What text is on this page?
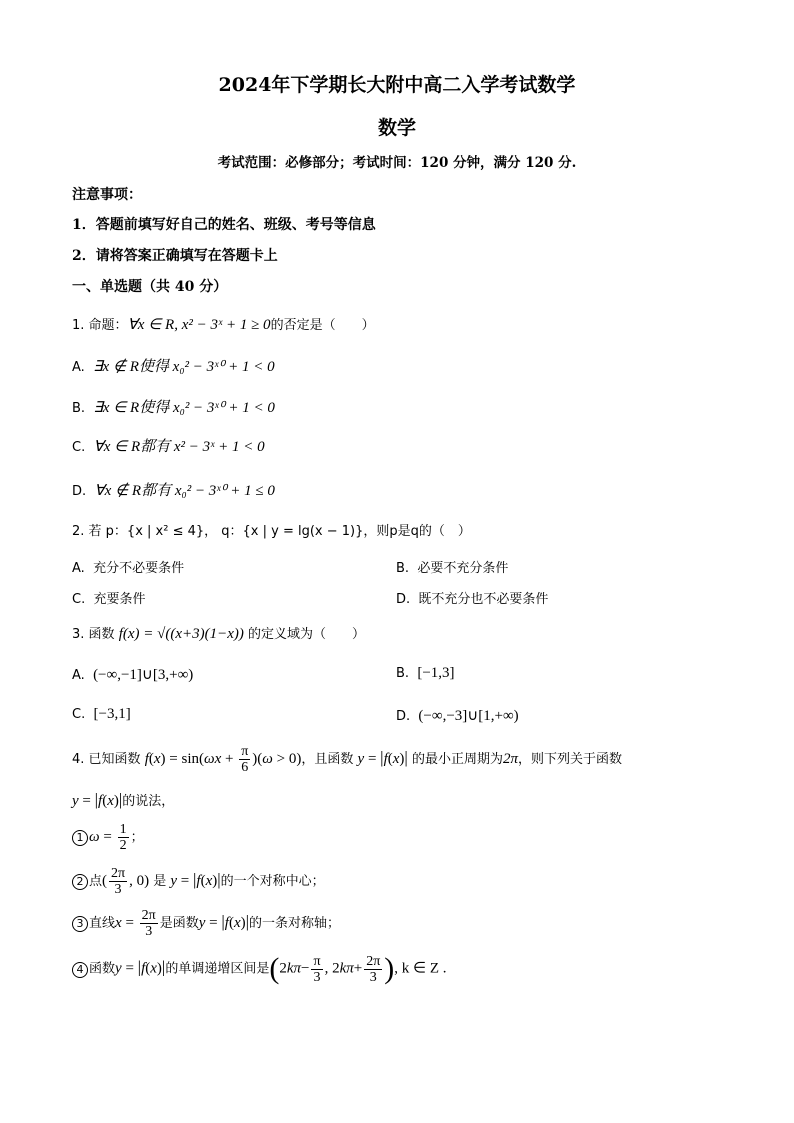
2024年下学期长大附中高二入学考试数学
数学
考试范围：必修部分；考试时间：120 分钟，满分 120 分.
注意事项：
1．答题前填写好自己的姓名、班级、考号等信息
2．请将答案正确填写在答题卡上
一、单选题（共 40 分）
1. 命题：∀x ∈ R, x² − 3ˣ + 1 ≥ 0的否定是（　　）
A. ∃x ∉ R使得 x₀² − 3ˣ⁰ + 1 < 0
B. ∃x ∈ R使得 x₀² − 3ˣ⁰ + 1 < 0
C. ∀x ∈ R都有 x² − 3ˣ + 1 < 0
D. ∀x ∉ R都有 x₀² − 3ˣ⁰ + 1 ≤ 0
2. 若 p：{x | x² ≤ 4}， q：{x | y = lg(x − 1)}，则p是q的（　）
A. 充分不必要条件	B. 必要不充分条件
C. 充要条件	D. 既不充分也不必要条件
3. 函数 f(x) = √((x+3)(1−x)) 的定义域为（　　）
A. (−∞,−1]∪[3,+∞)	B. [−1,3]
C. [−3,1]	D. (−∞,−3]∪[1,+∞)
4. 已知函数 $f(x) = \sin(\omega x + \frac{\pi}{6} )(\omega > 0)$，且函数 y = |f(x)| 的最小正周期为2π，则下列关于函数
y = |f(x)|的说法，
1 $\omega = \frac{1}{2}$ ；
2 点( $\frac{2\pi}{3}$ , 0) 是 y = |f(x)|的一个对称中心；
3 直线$x = \frac{2\pi}{3}$ 是函数y = |f(x)|的一条对称轴；
4 函数y = |f(x)|的单调递增区间是($2k\pi- \frac{\pi}{3}$ , $2k\pi+ \frac{2\pi}{3}$ ), k ∈ Z .
